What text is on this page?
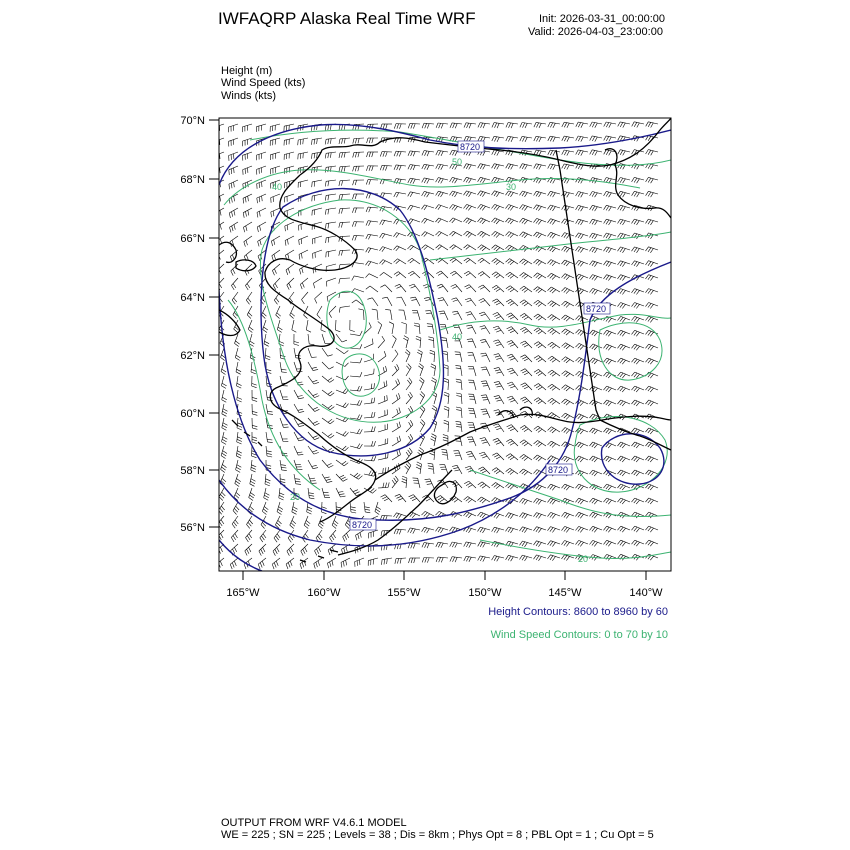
IWFAQRP Alaska Real Time WRF	Init: 2026-03-31_00:00:00
Valid: 2026-04-03_23:00:00
Height (m)
Wind Speed (kts)
Winds (kts)
70°N
68°N
66°N
64°N
62°N
60°N
58°N
56°N
165°W	160°W	155°W	150°W	145°W	140°W
8720
8720
8720
8720
40
50
30
40
20
20
Height Contours: 8600 to 8960 by 60
Wind Speed Contours: 0 to 70 by 10
OUTPUT FROM WRF V4.6.1 MODEL
WE = 225 ; SN = 225 ; Levels = 38 ; Dis = 8km ; Phys Opt = 8 ; PBL Opt = 1 ; Cu Opt = 5
